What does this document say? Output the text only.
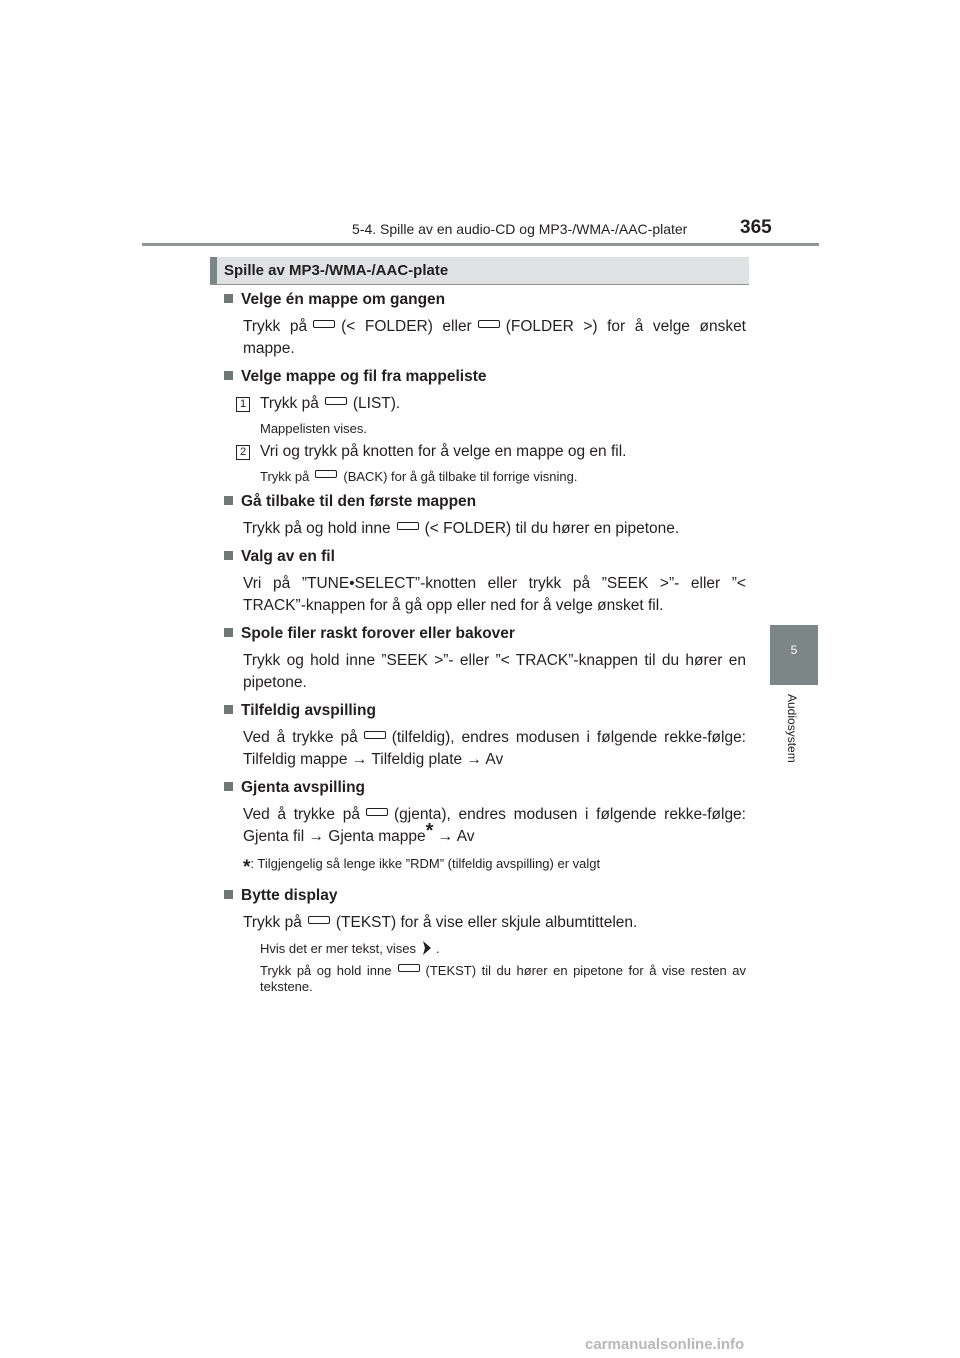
5-4. Spille av en audio-CD og MP3-/WMA-/AAC-plater	365
5
Audiosystem
Spille av MP3-/WMA-/AAC-plate
Velge én mappe om gangen
Trykk på (< FOLDER) eller (FOLDER >) for å velge ønsket mappe.
Velge mappe og fil fra mappeliste
1 Trykk på (LIST).
Mappelisten vises.
2 Vri og trykk på knotten for å velge en mappe og en fil.
Trykk på	(BACK) for å gå tilbake til forrige visning.
Gå tilbake til den første mappen
Trykk på og hold inne (< FOLDER) til du hører en pipetone.
Valg av en fil
Vri på ”TUNE•SELECT”-knotten eller trykk på ”SEEK >”- eller ”< TRACK”-knappen for å gå opp eller ned for å velge ønsket fil.
Spole filer raskt forover eller bakover
Trykk og hold inne ”SEEK >”- eller ”< TRACK”-knappen til du hører en pipetone.
Tilfeldig avspilling
Ved å trykke på (tilfeldig), endres modusen i følgende rekke-følge: Tilfeldig mappe → Tilfeldig plate → Av
Gjenta avspilling
Ved å trykke på (gjenta), endres modusen i følgende rekke-følge: Gjenta fil → Gjenta mappe* → Av
*: Tilgjengelig så lenge ikke ”RDM” (tilfeldig avspilling) er valgt
Bytte display
Trykk på (TEKST) for å vise eller skjule albumtittelen.
Hvis det er mer tekst, vises .
Trykk på og hold inne	(TEKST) til du hører en pipetone for å vise resten av tekstene.
carmanualsonline.info
